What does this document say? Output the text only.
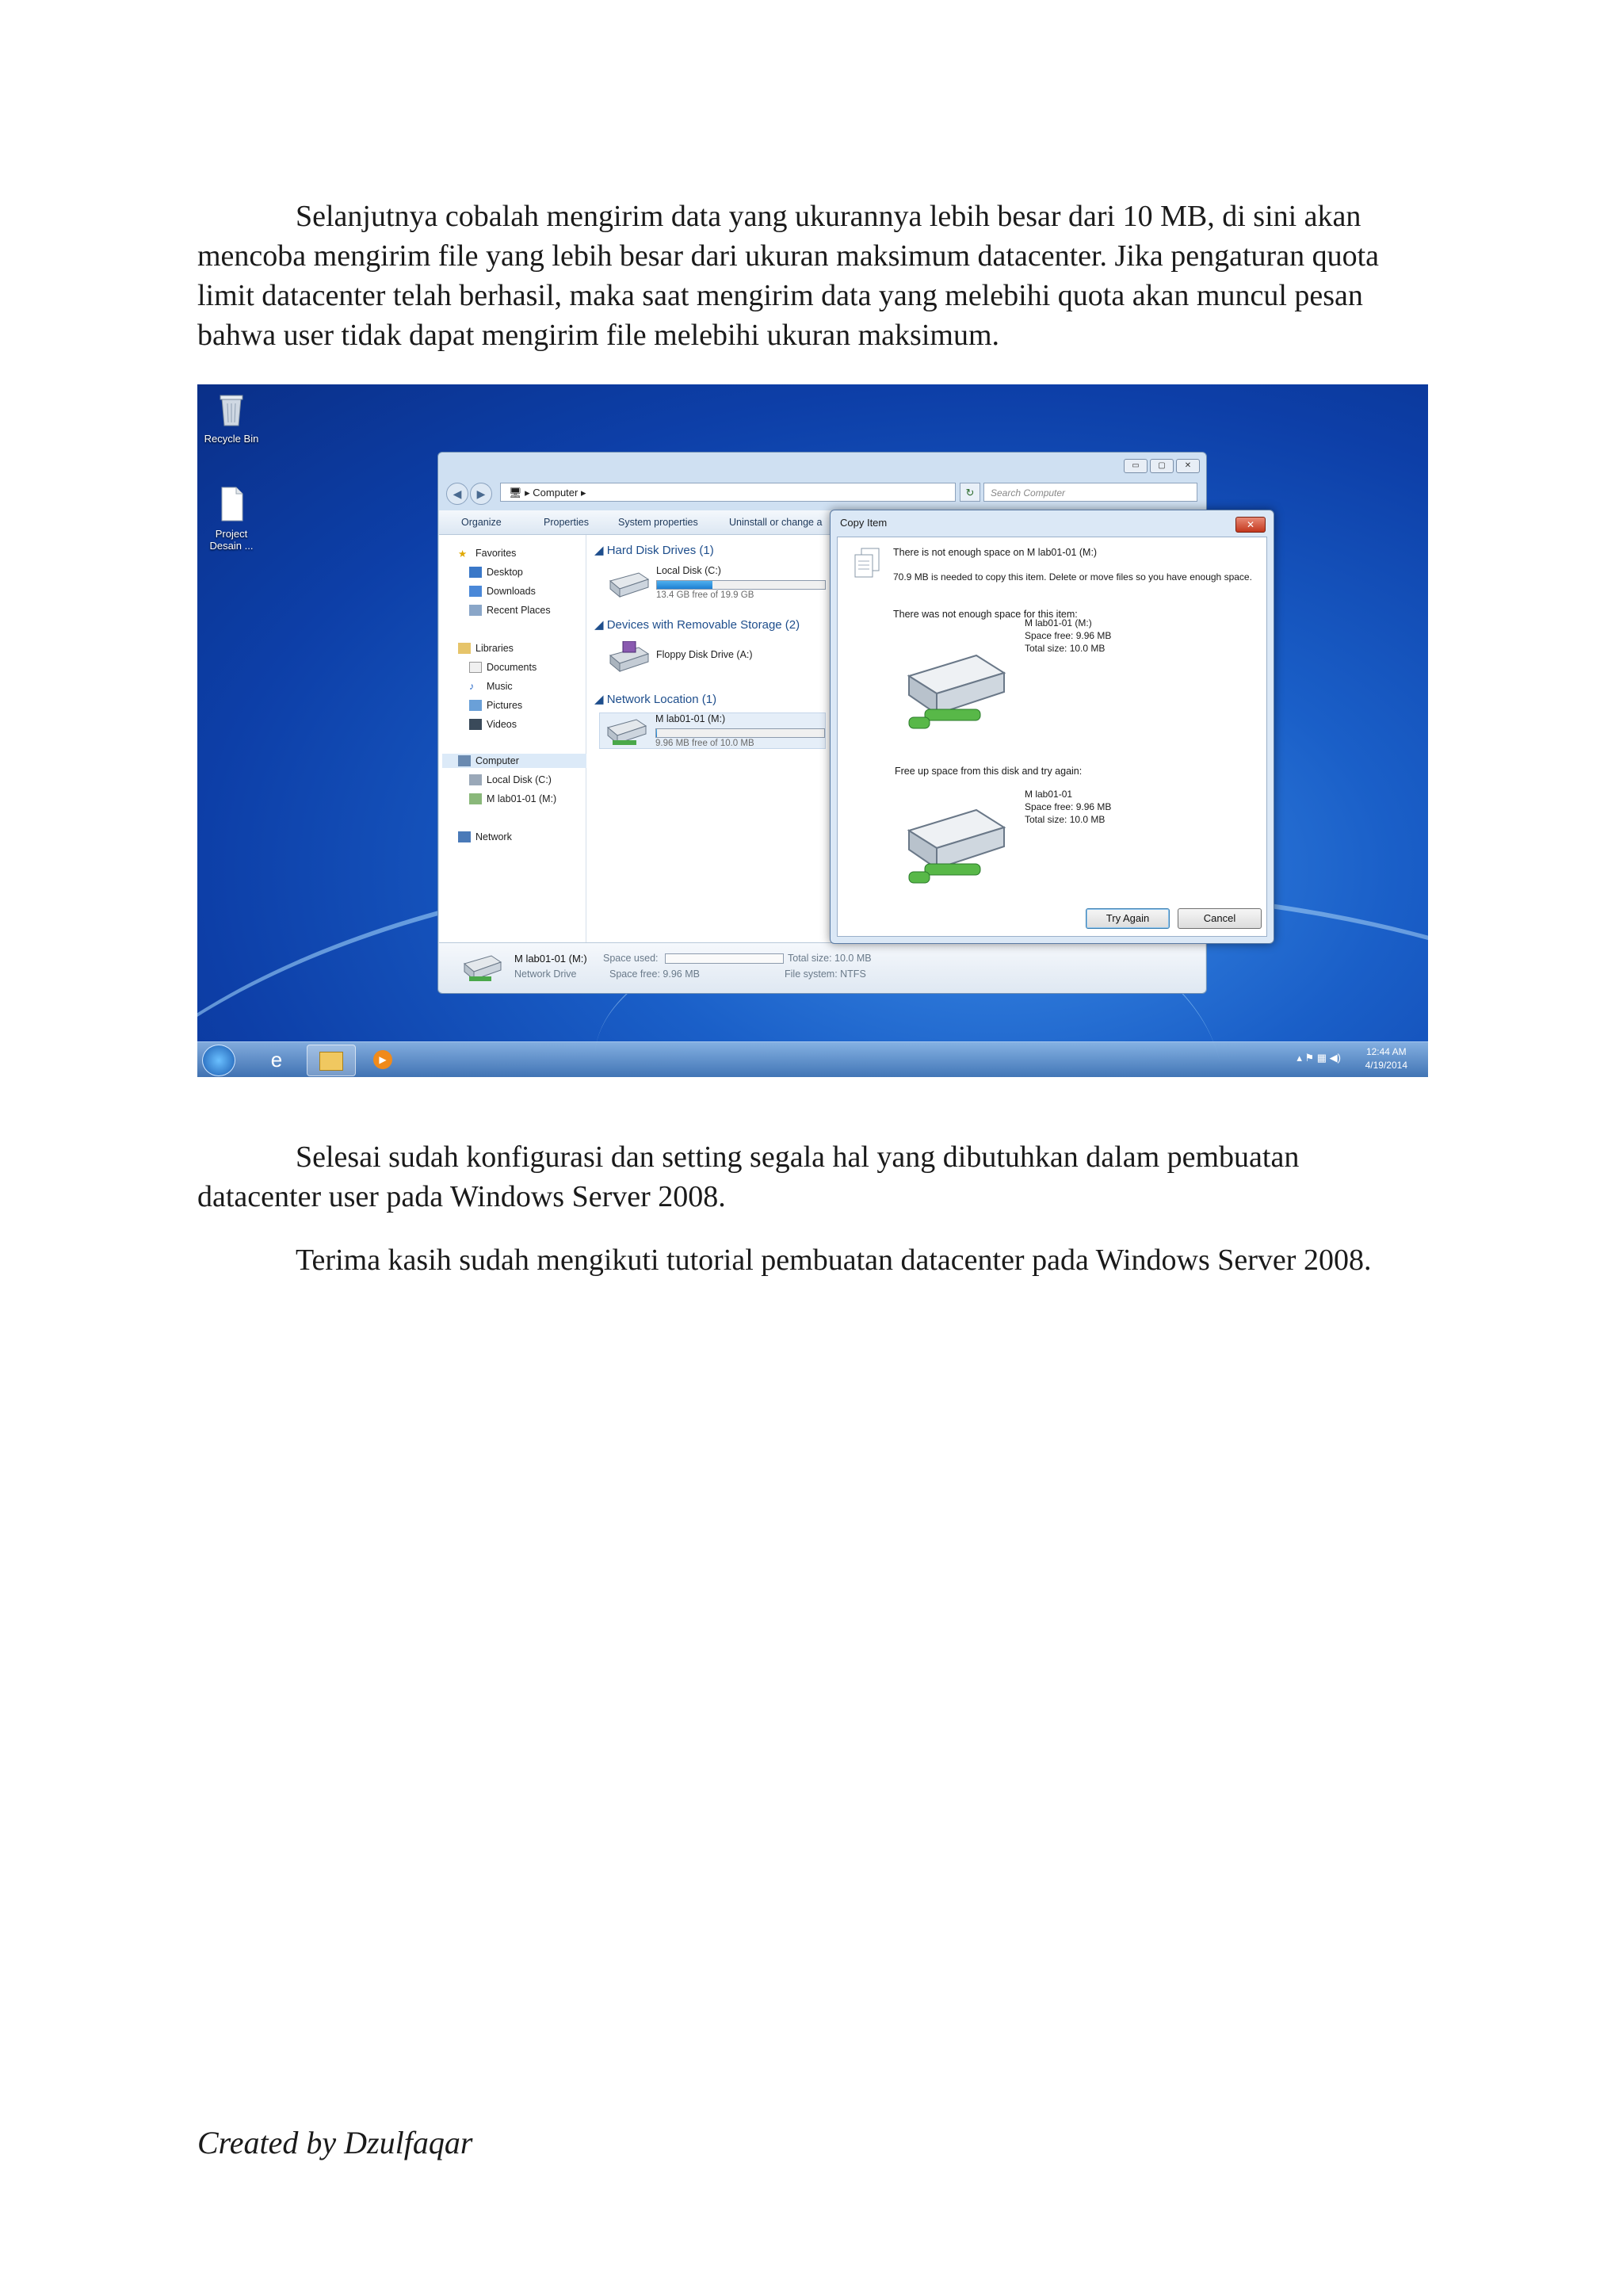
Selanjutnya cobalah mengirim data yang ukurannya lebih besar dari 10 MB, di sini akan mencoba mengirim file yang lebih besar dari ukuran maksimum datacenter. Jika pengaturan quota limit datacenter telah berhasil, maka saat mengirim data yang melebihi quota akan muncul pesan bahwa user tidak dapat mengirim file melebihi ukuran maksimum.

Recycle Bin
Project Desain ...
▭	▢	✕
◀	▶	🖥 ▸ Computer ▸	↻	Search Computer
Organize	Properties	System properties	Uninstall or change a
★ Favorites
Desktop
Downloads
Recent Places
Libraries
Documents
♪	Music
Pictures
Videos
Computer
Local Disk (C:)
M lab01-01 (M:)
Network
◢ Hard Disk Drives (1)
Local Disk (C:)
13.4 GB free of 19.9 GB
◢ Devices with Removable Storage (2)
Floppy Disk Drive (A:)
◢ Network Location (1)
M lab01-01 (M:)
9.96 MB free of 10.0 MB
M lab01-01 (M:)
Network Drive
Space used:
Space free: 9.96 MB
Total size: 10.0 MB
File system: NTFS
Copy Item	✕
There is not enough space on M lab01-01 (M:)
70.9 MB is needed to copy this item. Delete or move files so you have enough space.
There was not enough space for this item:
M lab01-01 (M:)
Space free: 9.96 MB
Total size: 10.0 MB
Free up space from this disk and try again:
M lab01-01
Space free: 9.96 MB
Total size: 10.0 MB
Try Again	Cancel
e	▶	▴ ⚑ ▦ ◀)	12:44 AM
4/19/2014

Selesai sudah konfigurasi dan setting segala hal yang dibutuhkan dalam pembuatan datacenter user pada Windows Server 2008.

Terima kasih sudah mengikuti tutorial pembuatan datacenter pada Windows Server 2008.

Created by Dzulfaqar
